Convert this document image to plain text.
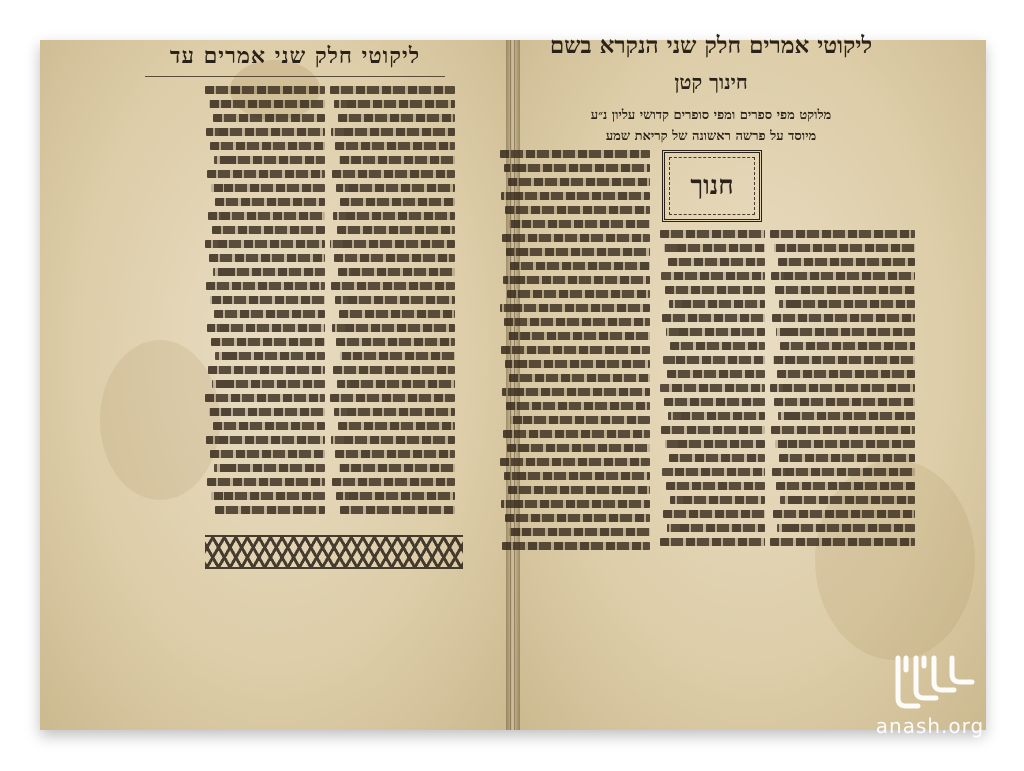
ליקוטי חלק שני אמרים עד	ליקוטי אמרים חלק שני הנקרא בשם
חינוך קטן
מלוקט מפי ספרים ומפי סופרים קדושי עליון נ״ע
מיוסד על פרשה ראשונה של קריאת שמע
חנוך
anash.org
